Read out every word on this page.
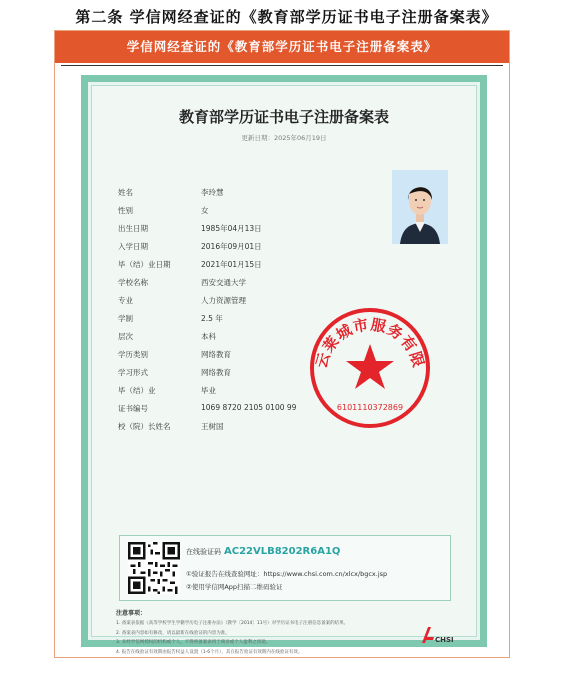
第二条 学信网经查证的《教育部学历证书电子注册备案表》
学信网经查证的《教育部学历证书电子注册备案表》
教育部学历证书电子注册备案表
更新日期：2025年06月19日
姓名	李玲慧
性别	女
出生日期	1985年04月13日
入学日期	2016年09月01日
毕（结）业日期	2021年01月15日
学校名称	西安交通大学
专业	人力资源管理
学制	2.5 年
层次	本科
学历类别	网络教育
学习形式	网络教育
毕（结）业	毕业
证书编号	1069 8720 2105 0100 99
校（院）长姓名	王树国
云莱城市服务有限
6101110372869
在线验证码 AC22VLB8202R6A1Q
①验证报告在线查验网址：https://www.chsi.com.cn/xlcx/bgcx.jsp
②使用学信网App扫描二维码验证
注意事项：
1. 备案表依据《高等学校学生学籍学历电子注册办法》（教学〔2014〕11号）对学历证书电子注册信息备案的结果。
2. 备案表内容如有修改，请以最新在线验证的内容为准。
3. 未经学信网授权的机构或个人，不得将备案表用于商业或个人盈利之用途。
4. 报告在线验证有效期由报告权益人设置（1-6个月），其在报告验证有效期内在线验证有效。
CHSI
